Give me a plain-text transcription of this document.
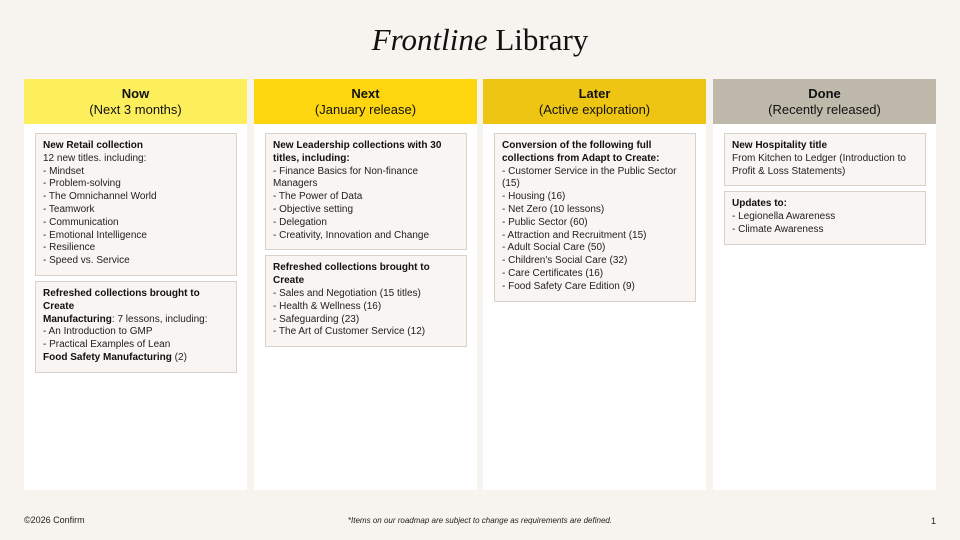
Frontline Library
Now
(Next 3 months)
New Retail collection
12 new titles. including:
- Mindset
- Problem-solving
- The Omnichannel World
- Teamwork
- Communication
- Emotional Intelligence
- Resilience
- Speed vs. Service
Refreshed collections brought to Create
Manufacturing: 7 lessons, including:
- An Introduction to GMP
- Practical Examples of Lean
Food Safety Manufacturing (2)
Next
(January release)
New Leadership collections with 30 titles, including:
- Finance Basics for Non-finance Managers
- The Power of Data
- Objective setting
- Delegation
- Creativity, Innovation and Change
Refreshed collections brought to Create
- Sales and Negotiation (15 titles)
- Health & Wellness (16)
- Safeguarding (23)
- The Art of Customer Service (12)
Later
(Active exploration)
Conversion of the following full collections from Adapt to Create:
- Customer Service in the Public Sector (15)
- Housing (16)
- Net Zero (10 lessons)
- Public Sector (60)
- Attraction and Recruitment (15)
- Adult Social Care (50)
- Children's Social Care (32)
- Care Certificates (16)
- Food Safety Care Edition (9)
Done
(Recently released)
New Hospitality title
From Kitchen to Ledger (Introduction to Profit & Loss Statements)
Updates to:
- Legionella Awareness
- Climate Awareness
©2026 Confirm	*Items on our roadmap are subject to change as requirements are defined.	1
